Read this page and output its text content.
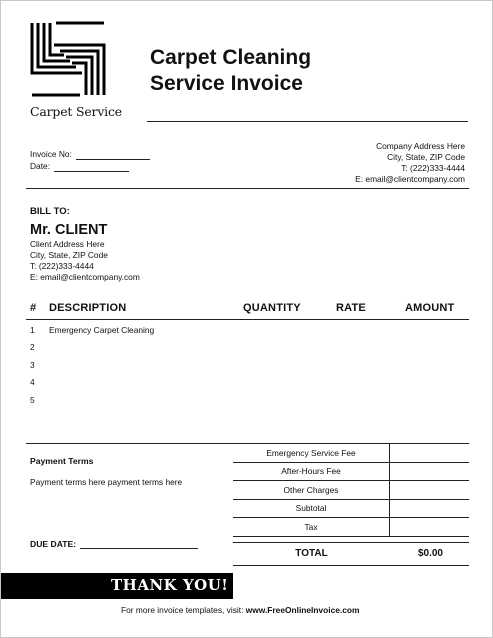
Carpet Service
Carpet Cleaning
Service Invoice
Invoice No:
Date:
Company Address Here
City, State, ZIP Code
T: (222)333-4444
E: email@clientcompany.com
BILL TO:
Mr. CLIENT
Client Address Here
City, State, ZIP Code
T: (222)333-4444
E: email@clientcompany.com
# DESCRIPTION	QUANTITY	RATE	AMOUNT
1 Emergency Carpet Cleaning
2
3
4
5
Payment Terms
Payment terms here payment terms here
DUE DATE:
Emergency Service Fee
After-Hours Fee
Other Charges
Subtotal
Tax
TOTAL	$0.00
THANK YOU!
For more invoice templates, visit: www.FreeOnlineInvoice.com
